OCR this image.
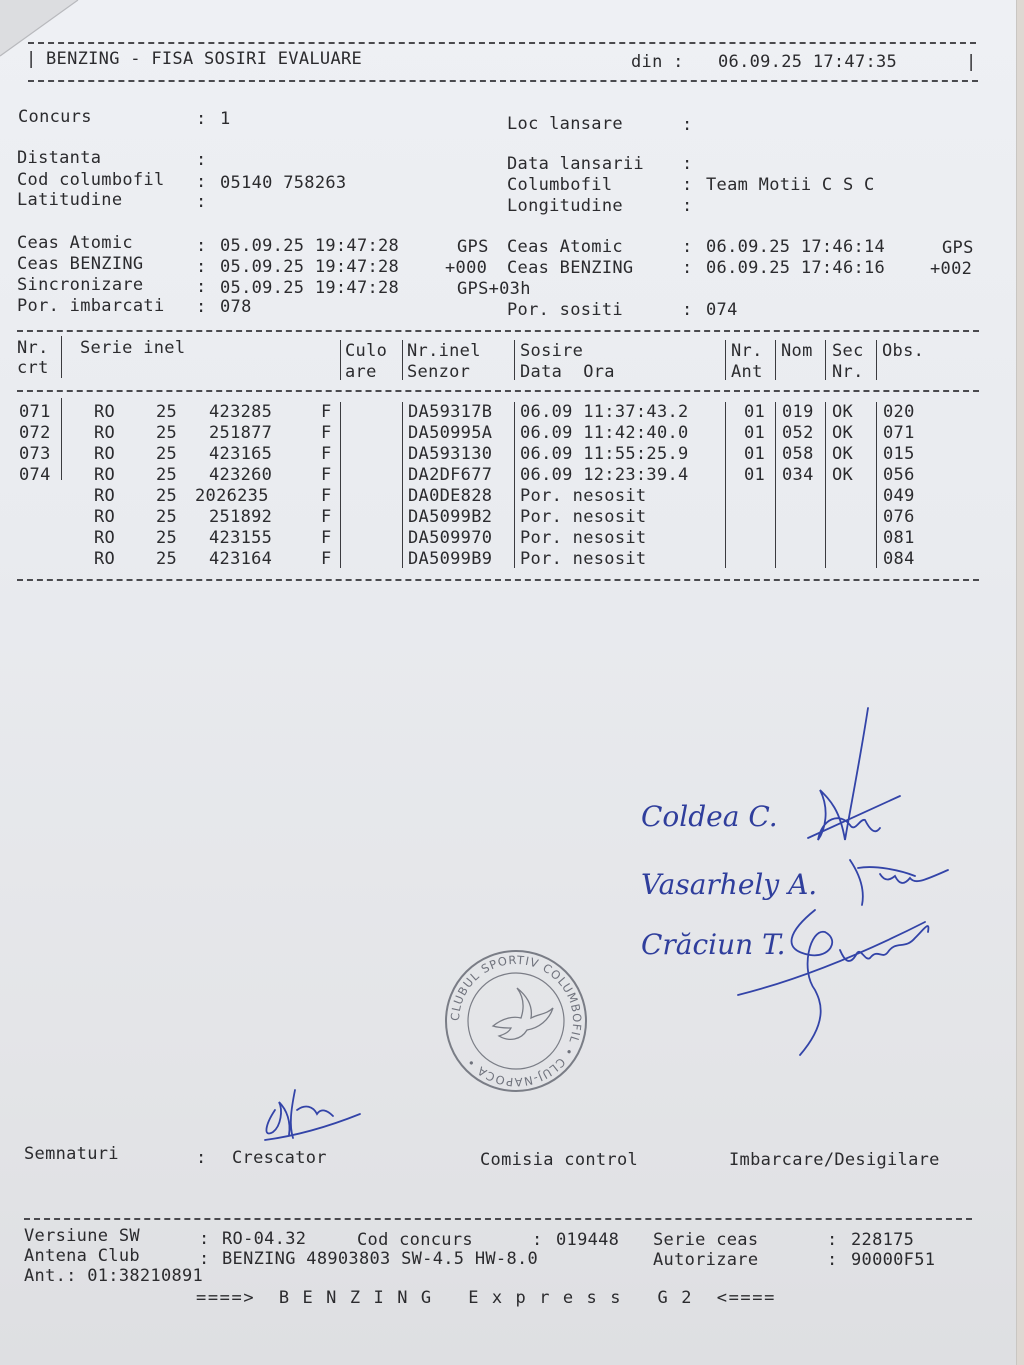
| BENZING - FISA SOSIRI EVALUARE	din : 06.09.25 17:47:35	|
Concurs	: 1
Distanta	:
Cod columbofil : 05140 758263
Latitudine	:
Loc lansare	:
Data lansarii :
Columbofil	: Team Motii C S C
Longitudine	:
Ceas Atomic	: 05.09.25 19:47:28	GPS
Ceas BENZING	: 05.09.25 19:47:28	+000
Sincronizare	: 05.09.25 19:47:28	GPS+03h
Por. imbarcati : 078
Ceas Atomic	: 06.09.25 17:46:14	GPS
Ceas BENZING	: 06.09.25 17:46:16	+002
Por. sositi	: 074
Nr.
crt
Serie inel	Culo
are
Nr.inel
Senzor
Sosire
Data  Ora
Nr.
Ant
Nom Sec
Nr.
Obs.
071	RO 25 423285	F	DA59317B 06.09 11:37:43.2	01 019 OK 020
072	RO 25 251877	F	DA50995A 06.09 11:42:40.0	01 052 OK 071
073	RO 25 423165	F	DA593130 06.09 11:55:25.9	01 058 OK 015
074	RO 25 423260	F	DA2DF677 06.09 12:23:39.4	01 034 OK 056
RO 25 2026235	F	DA0DE828 Por. nesosit	049
RO 25 251892	F	DA5099B2 Por. nesosit	076
RO 25 423155	F	DA509970 Por. nesosit	081
RO 25 423164	F	DA5099B9 Por. nesosit	084
Coldea C.
Vasarhely A.
Crăciun T.
CLUBUL SPORTIV COLUMBOFIL • CLUJ-NAPOCA •
Semnaturi	: Crescator	Comisia control	Imbarcare/Desigilare
Versiune SW	: RO-04.32	Cod concurs	: 019448 Serie ceas	: 228175
Antena Club	: BENZING 48903803 SW-4.5 HW-8.0	Autorizare	: 90000F51
Ant.: 01:38210891
====>  B E N Z I N G   E x p r e s s   G 2  <====
